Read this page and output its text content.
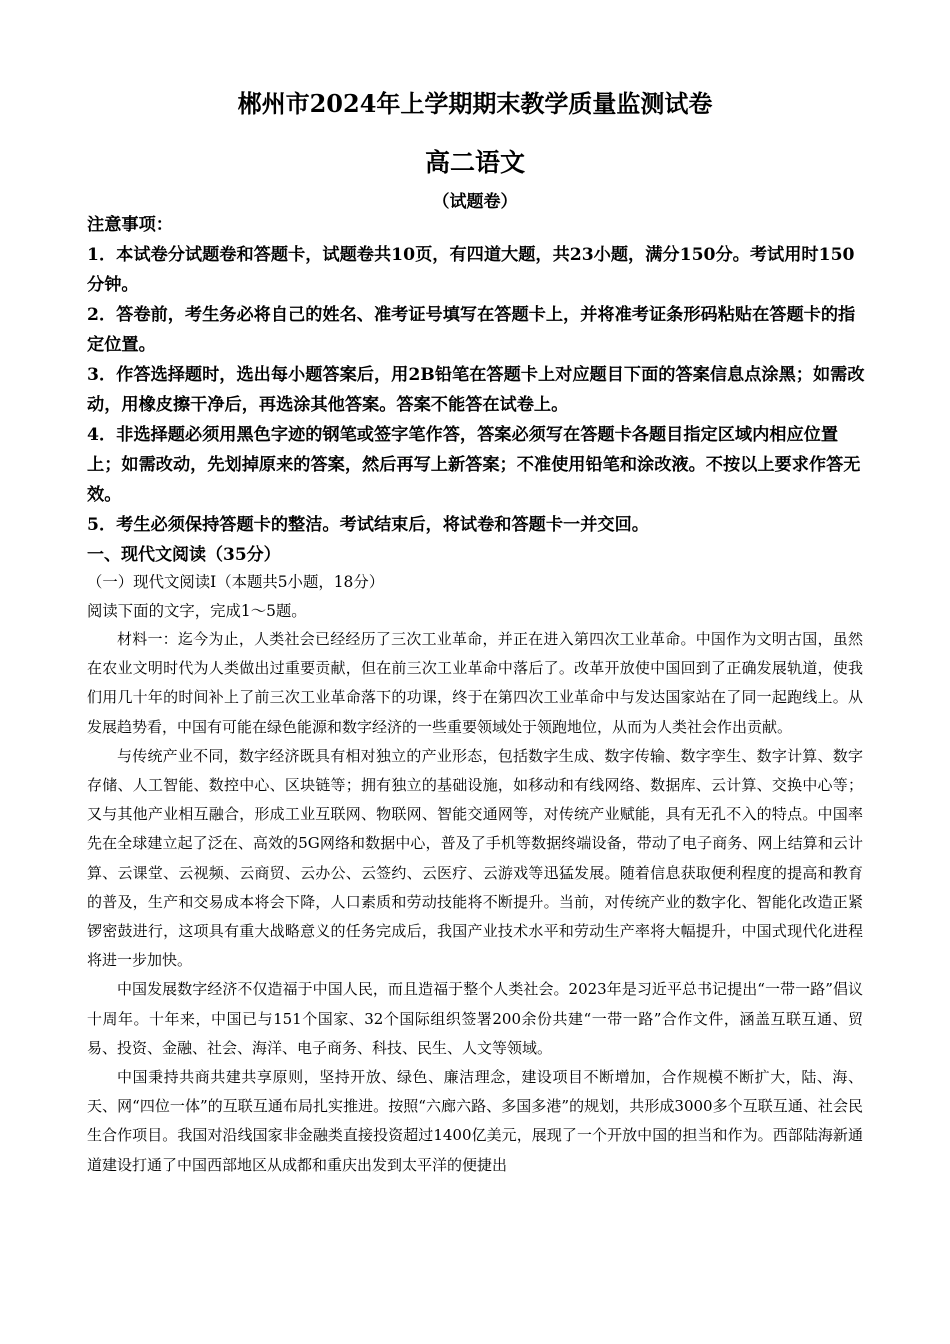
郴州市2024年上学期期末教学质量监测试卷
高二语文
（试题卷）

注意事项：

1．本试卷分试题卷和答题卡，试题卷共10页，有四道大题，共23小题，满分150分。考试用时150分钟。

2．答卷前，考生务必将自己的姓名、准考证号填写在答题卡上，并将准考证条形码粘贴在答题卡的指定位置。

3．作答选择题时，选出每小题答案后，用2B铅笔在答题卡上对应题目下面的答案信息点涂黑；如需改动，用橡皮擦干净后，再选涂其他答案。答案不能答在试卷上。

4．非选择题必须用黑色字迹的钢笔或签字笔作答，答案必须写在答题卡各题目指定区域内相应位置上；如需改动，先划掉原来的答案，然后再写上新答案；不准使用铅笔和涂改液。不按以上要求作答无效。

5．考生必须保持答题卡的整洁。考试结束后，将试卷和答题卡一并交回。

一、现代文阅读（35分）
（一）现代文阅读Ⅰ（本题共5小题，18分）
阅读下面的文字，完成1～5题。

材料一：迄今为止，人类社会已经经历了三次工业革命，并正在进入第四次工业革命。中国作为文明古国，虽然在农业文明时代为人类做出过重要贡献，但在前三次工业革命中落后了。改革开放使中国回到了正确发展轨道，使我们用几十年的时间补上了前三次工业革命落下的功课，终于在第四次工业革命中与发达国家站在了同一起跑线上。从发展趋势看，中国有可能在绿色能源和数字经济的一些重要领域处于领跑地位，从而为人类社会作出贡献。

与传统产业不同，数字经济既具有相对独立的产业形态，包括数字生成、数字传输、数字孪生、数字计算、数字存储、人工智能、数控中心、区块链等；拥有独立的基础设施，如移动和有线网络、数据库、云计算、交换中心等；又与其他产业相互融合，形成工业互联网、物联网、智能交通网等，对传统产业赋能，具有无孔不入的特点。中国率先在全球建立起了泛在、高效的5G网络和数据中心，普及了手机等数据终端设备，带动了电子商务、网上结算和云计算、云课堂、云视频、云商贸、云办公、云签约、云医疗、云游戏等迅猛发展。随着信息获取便利程度的提高和教育的普及，生产和交易成本将会下降，人口素质和劳动技能将不断提升。当前，对传统产业的数字化、智能化改造正紧锣密鼓进行，这项具有重大战略意义的任务完成后，我国产业技术水平和劳动生产率将大幅提升，中国式现代化进程将进一步加快。

中国发展数字经济不仅造福于中国人民，而且造福于整个人类社会。2023年是习近平总书记提出“一带一路”倡议十周年。十年来，中国已与151个国家、32个国际组织签署200余份共建“一带一路”合作文件，涵盖互联互通、贸易、投资、金融、社会、海洋、电子商务、科技、民生、人文等领域。

中国秉持共商共建共享原则，坚持开放、绿色、廉洁理念，建设项目不断增加，合作规模不断扩大，陆、海、天、网“四位一体”的互联互通布局扎实推进。按照“六廊六路、多国多港”的规划，共形成3000多个互联互通、社会民生合作项目。我国对沿线国家非金融类直接投资超过1400亿美元，展现了一个开放中国的担当和作为。西部陆海新通道建设打通了中国西部地区从成都和重庆出发到太平洋的便捷出
